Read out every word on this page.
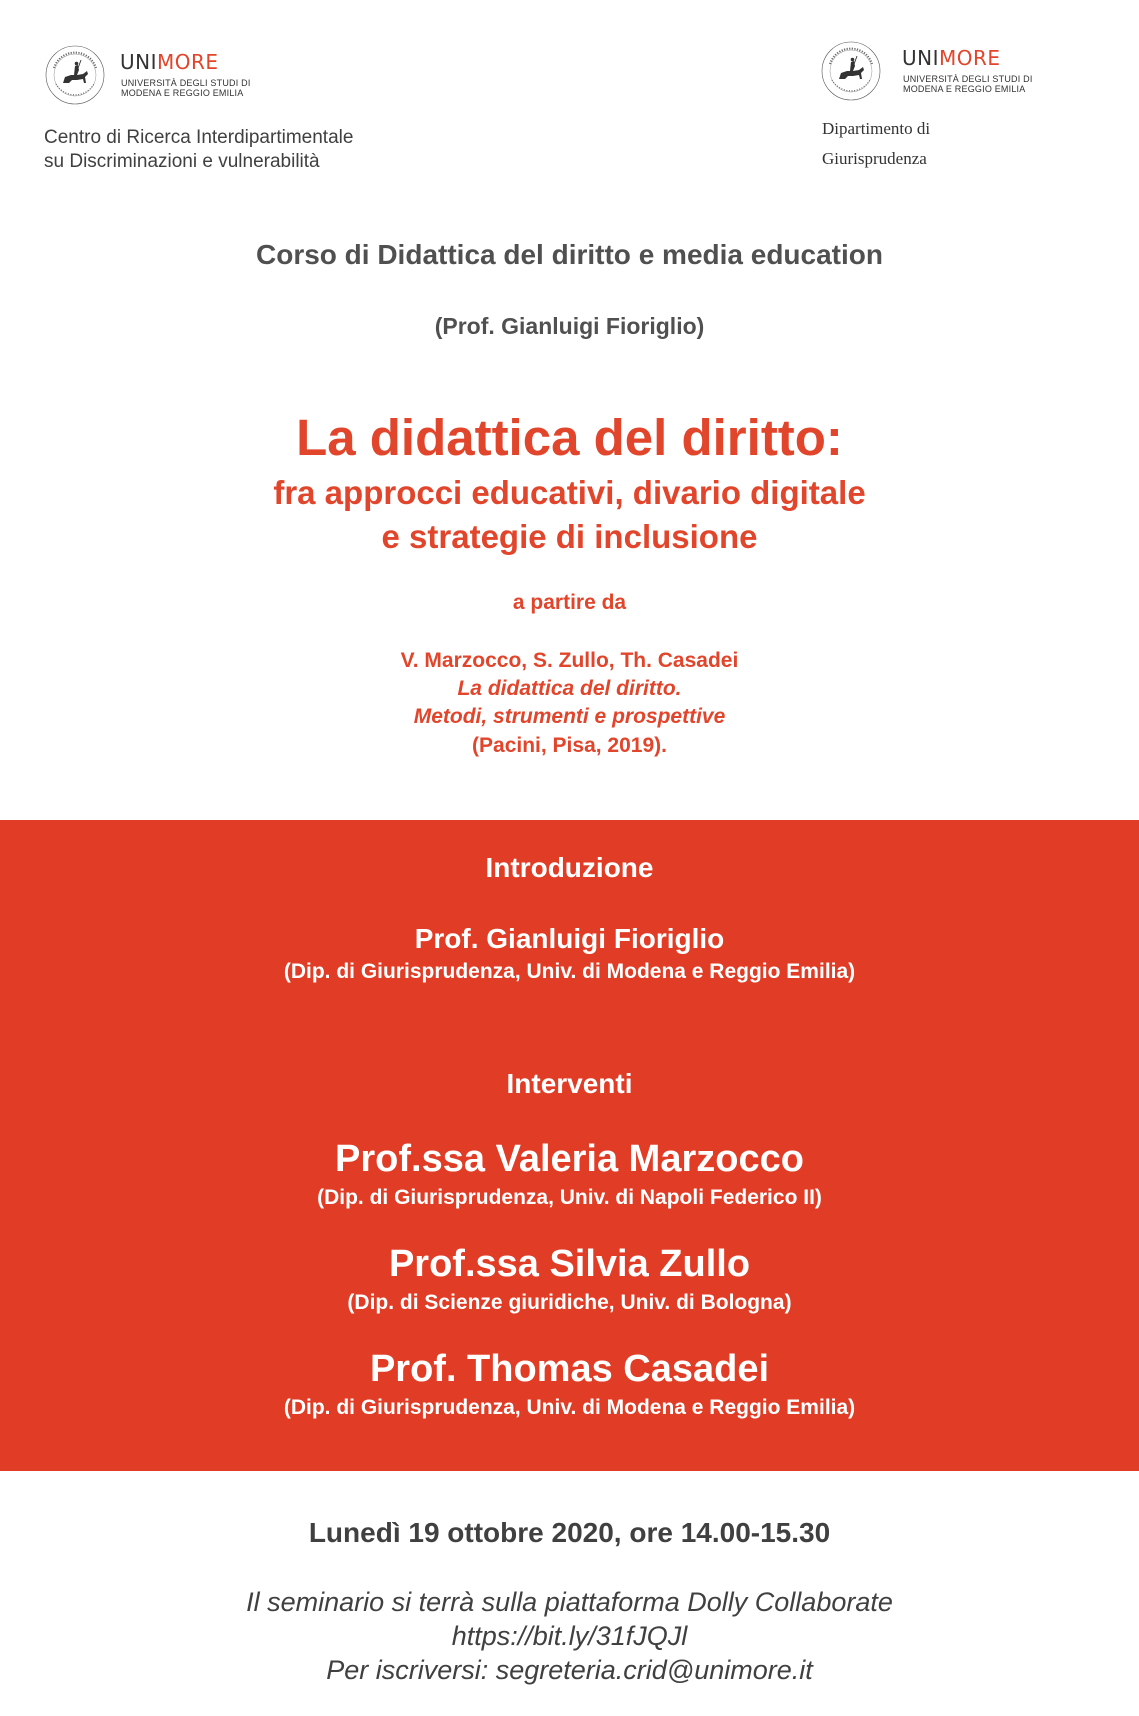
UNIMORE
UNIVERSITÀ DEGLI STUDI DI
MODENA E REGGIO EMILIA
Centro di Ricerca Interdipartimentale
su Discriminazioni e vulnerabilità
UNIMORE
UNIVERSITÀ DEGLI STUDI DI
MODENA E REGGIO EMILIA
Dipartimento di
Giurisprudenza
Corso di Didattica del diritto e media education
(Prof. Gianluigi Fioriglio)
La didattica del diritto:
fra approcci educativi, divario digitale
e strategie di inclusione
a partire da
V. Marzocco, S. Zullo, Th. Casadei
La didattica del diritto.
Metodi, strumenti e prospettive
(Pacini, Pisa, 2019).
Introduzione
Prof. Gianluigi Fioriglio
(Dip. di Giurisprudenza, Univ. di Modena e Reggio Emilia)
Interventi
Prof.ssa Valeria Marzocco
(Dip. di Giurisprudenza, Univ. di Napoli Federico II)
Prof.ssa Silvia Zullo
(Dip. di Scienze giuridiche, Univ. di Bologna)
Prof. Thomas Casadei
(Dip. di Giurisprudenza, Univ. di Modena e Reggio Emilia)
Lunedì 19 ottobre 2020, ore 14.00-15.30
Il seminario si terrà sulla piattaforma Dolly Collaborate
https://bit.ly/31fJQJl
Per iscriversi: segreteria.crid@unimore.it
